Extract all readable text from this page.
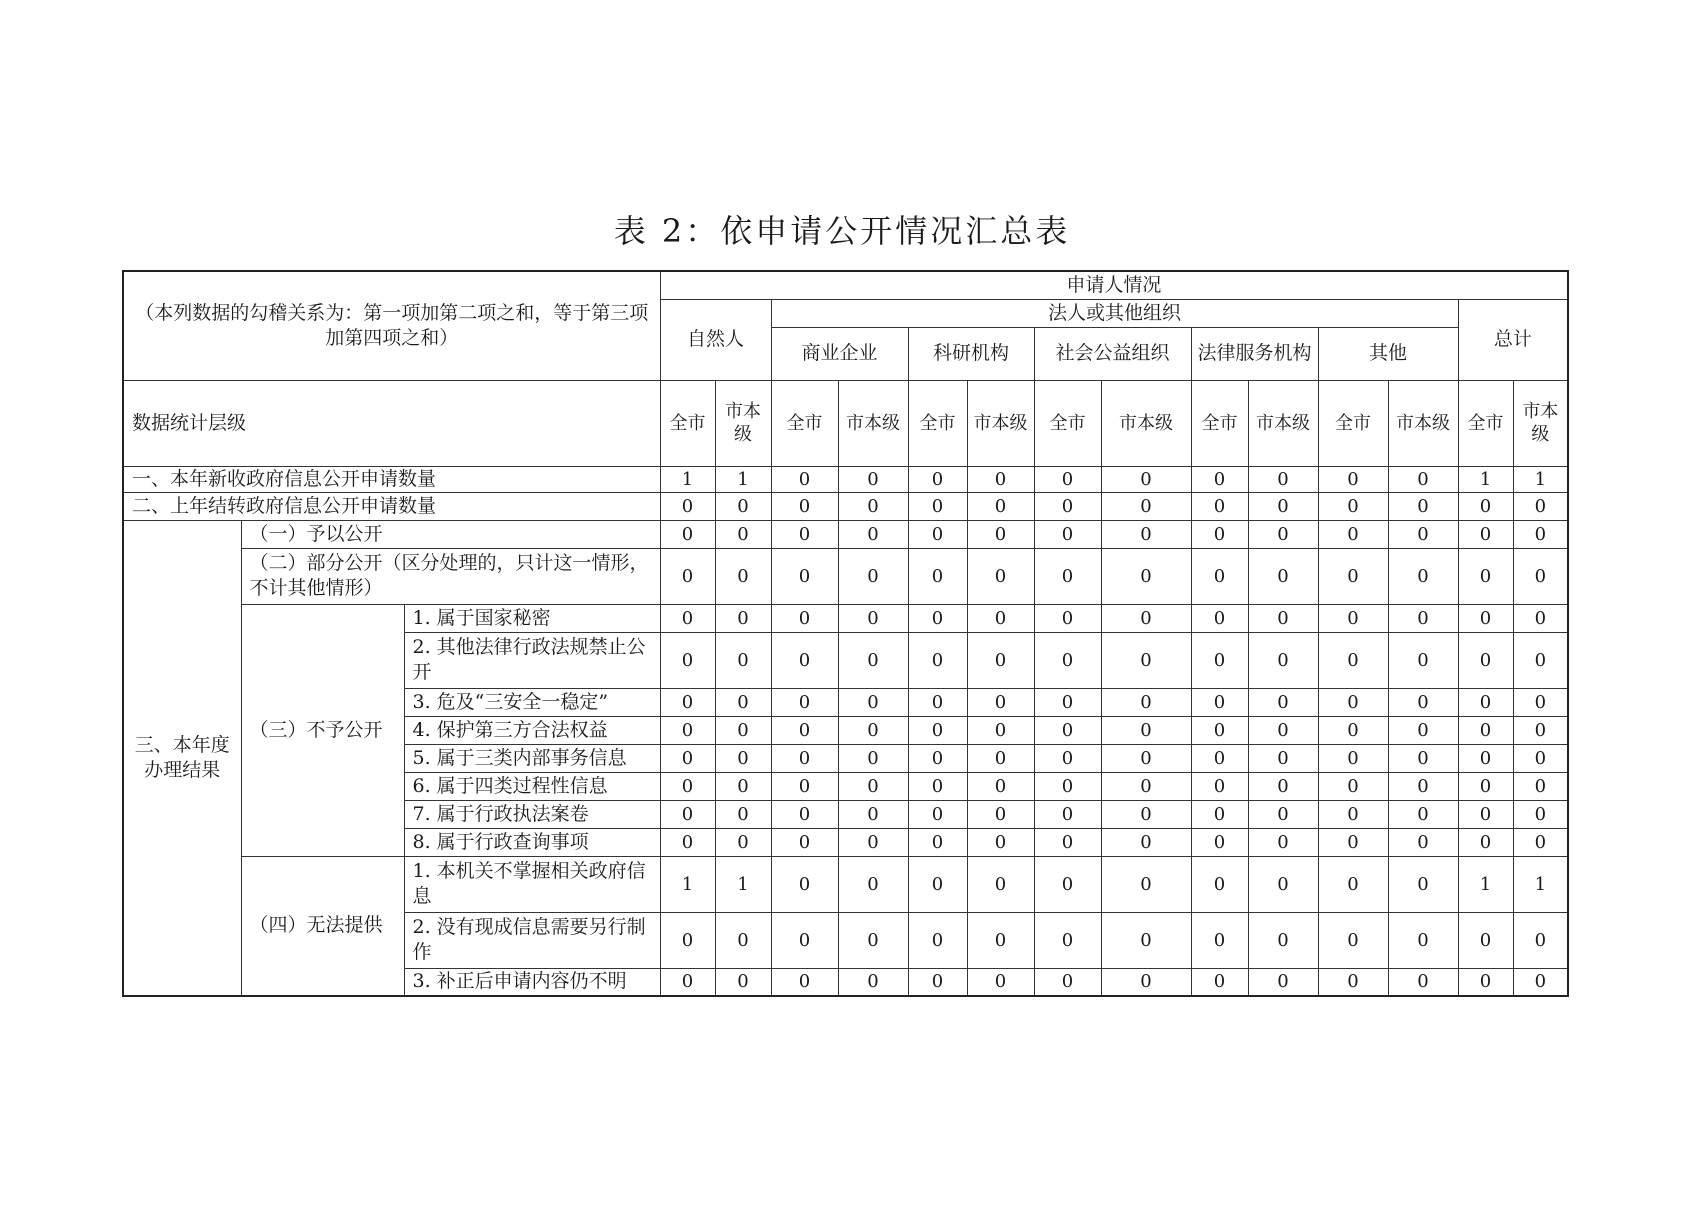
表 2：依申请公开情况汇总表
（本列数据的勾稽关系为：第一项加第二项之和，等于第三项加第四项之和）			申请人情况													
			自然人		法人或其他组织										总计	
					商业企业		科研机构		社会公益组织		法律服务机构		其他			
数据统计层级			全市	市本级	全市	市本级	全市	市本级	全市	市本级	全市	市本级	全市	市本级	全市	市本级
一、本年新收政府信息公开申请数量			1	1	0	0	0	0	0	0	0	0	0	0	1	1
二、上年结转政府信息公开申请数量			0	0	0	0	0	0	0	0	0	0	0	0	0	0
三、本年度办理结果	（一）予以公开		0	0	0	0	0	0	0	0	0	0	0	0	0	0
	（二）部分公开（区分处理的，只计这一情形，不计其他情形）		0	0	0	0	0	0	0	0	0	0	0	0	0	0
	（三）不予公开	1. 属于国家秘密	0	0	0	0	0	0	0	0	0	0	0	0	0	0
		2. 其他法律行政法规禁止公开	0	0	0	0	0	0	0	0	0	0	0	0	0	0
		3. 危及“三安全一稳定”	0	0	0	0	0	0	0	0	0	0	0	0	0	0
		4. 保护第三方合法权益	0	0	0	0	0	0	0	0	0	0	0	0	0	0
		5. 属于三类内部事务信息	0	0	0	0	0	0	0	0	0	0	0	0	0	0
		6. 属于四类过程性信息	0	0	0	0	0	0	0	0	0	0	0	0	0	0
		7. 属于行政执法案卷	0	0	0	0	0	0	0	0	0	0	0	0	0	0
		8. 属于行政查询事项	0	0	0	0	0	0	0	0	0	0	0	0	0	0
	（四）无法提供	1. 本机关不掌握相关政府信息	1	1	0	0	0	0	0	0	0	0	0	0	1	1
		2. 没有现成信息需要另行制作	0	0	0	0	0	0	0	0	0	0	0	0	0	0
		3. 补正后申请内容仍不明	0	0	0	0	0	0	0	0	0	0	0	0	0	0
